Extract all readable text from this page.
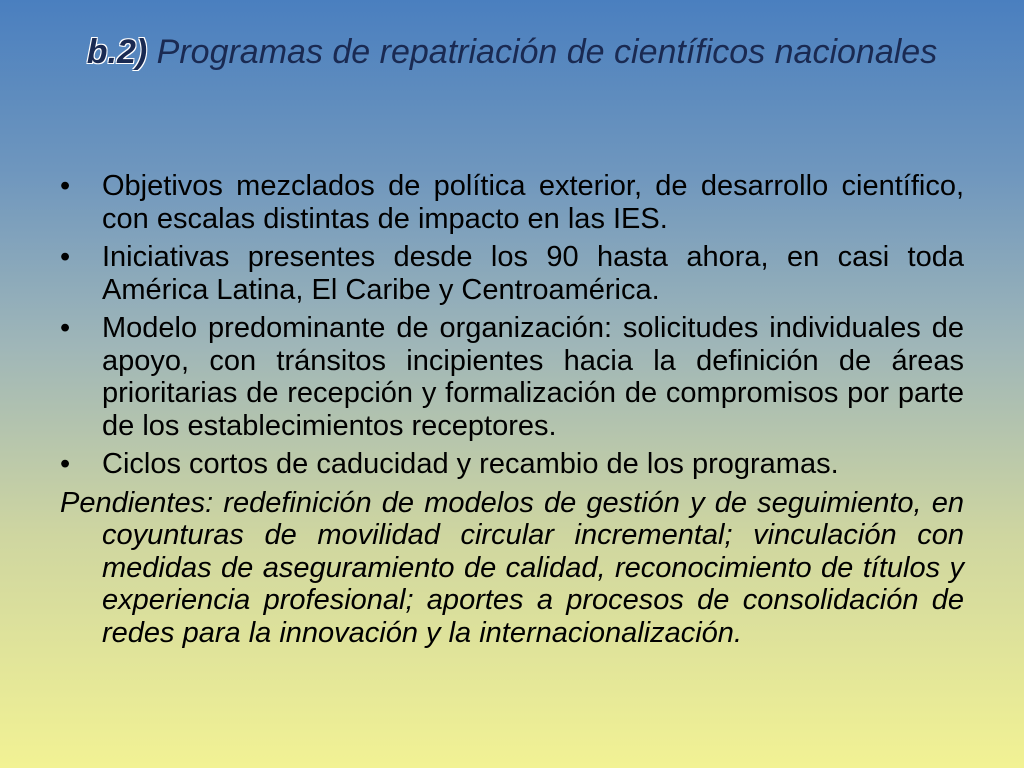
b.2) Programas de repatriación de científicos nacionales
•	Objetivos mezclados de política exterior, de desarrollo científico, con escalas distintas de impacto en las IES.
•	Iniciativas presentes desde los 90 hasta ahora, en casi toda América Latina, El Caribe y Centroamérica.
•	Modelo predominante de organización: solicitudes individuales de apoyo, con tránsitos incipientes hacia la definición de áreas prioritarias de recepción y formalización de compromisos por parte de los establecimientos receptores.
•	Ciclos cortos de caducidad y recambio de los programas.
Pendientes: redefinición de modelos de gestión y de seguimiento, en coyunturas de movilidad circular incremental; vinculación con medidas de aseguramiento de calidad, reconocimiento de títulos y experiencia profesional; aportes a procesos de consolidación de redes para la innovación y la internacionalización.
